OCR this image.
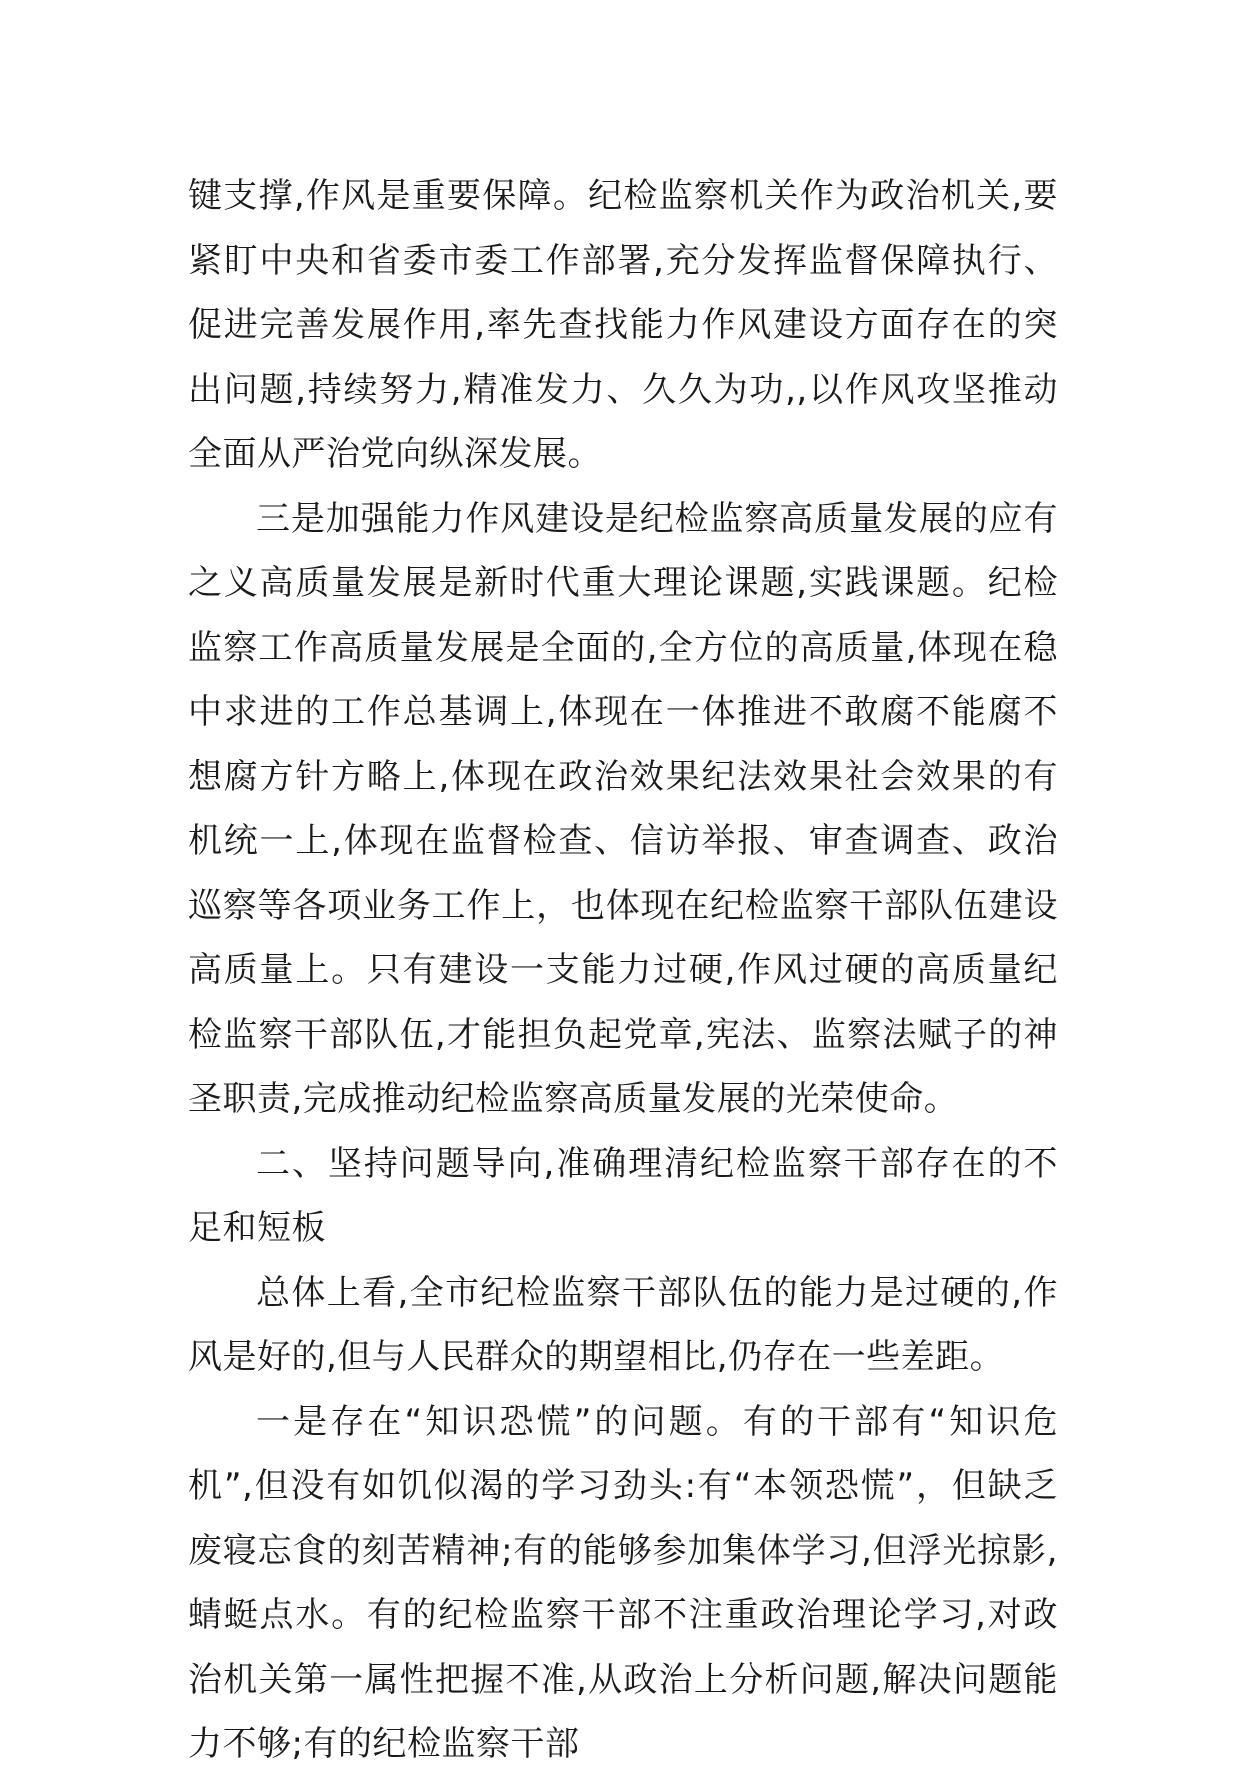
键支撑,作风是重要保障。纪检监察机关作为政治机关,要紧盯中央和省委市委工作部署,充分发挥监督保障执行、促进完善发展作用,率先查找能力作风建设方面存在的突出问题,持续努力,精准发力、久久为功,,以作风攻坚推动全面从严治党向纵深发展。

三是加强能力作风建设是纪检监察高质量发展的应有之义高质量发展是新时代重大理论课题,实践课题。纪检监察工作高质量发展是全面的,全方位的高质量,体现在稳中求进的工作总基调上,体现在一体推进不敢腐不能腐不想腐方针方略上,体现在政治效果纪法效果社会效果的有机统一上,体现在监督检查、信访举报、审查调查、政治巡察等各项业务工作上，也体现在纪检监察干部队伍建设高质量上。只有建设一支能力过硬,作风过硬的高质量纪检监察干部队伍,才能担负起党章,宪法、监察法赋子的神圣职责,完成推动纪检监察高质量发展的光荣使命。

二、坚持问题导向,准确理清纪检监察干部存在的不足和短板

总体上看,全市纪检监察干部队伍的能力是过硬的,作风是好的,但与人民群众的期望相比,仍存在一些差距。

一是存在“知识恐慌”的问题。有的干部有“知识危机”,但没有如饥似渴的学习劲头:有“本领恐慌”，但缺乏废寝忘食的刻苦精神;有的能够参加集体学习,但浮光掠影,蜻蜓点水。有的纪检监察干部不注重政治理论学习,对政治机关第一属性把握不准,从政治上分析问题,解决问题能力不够;有的纪检监察干部
